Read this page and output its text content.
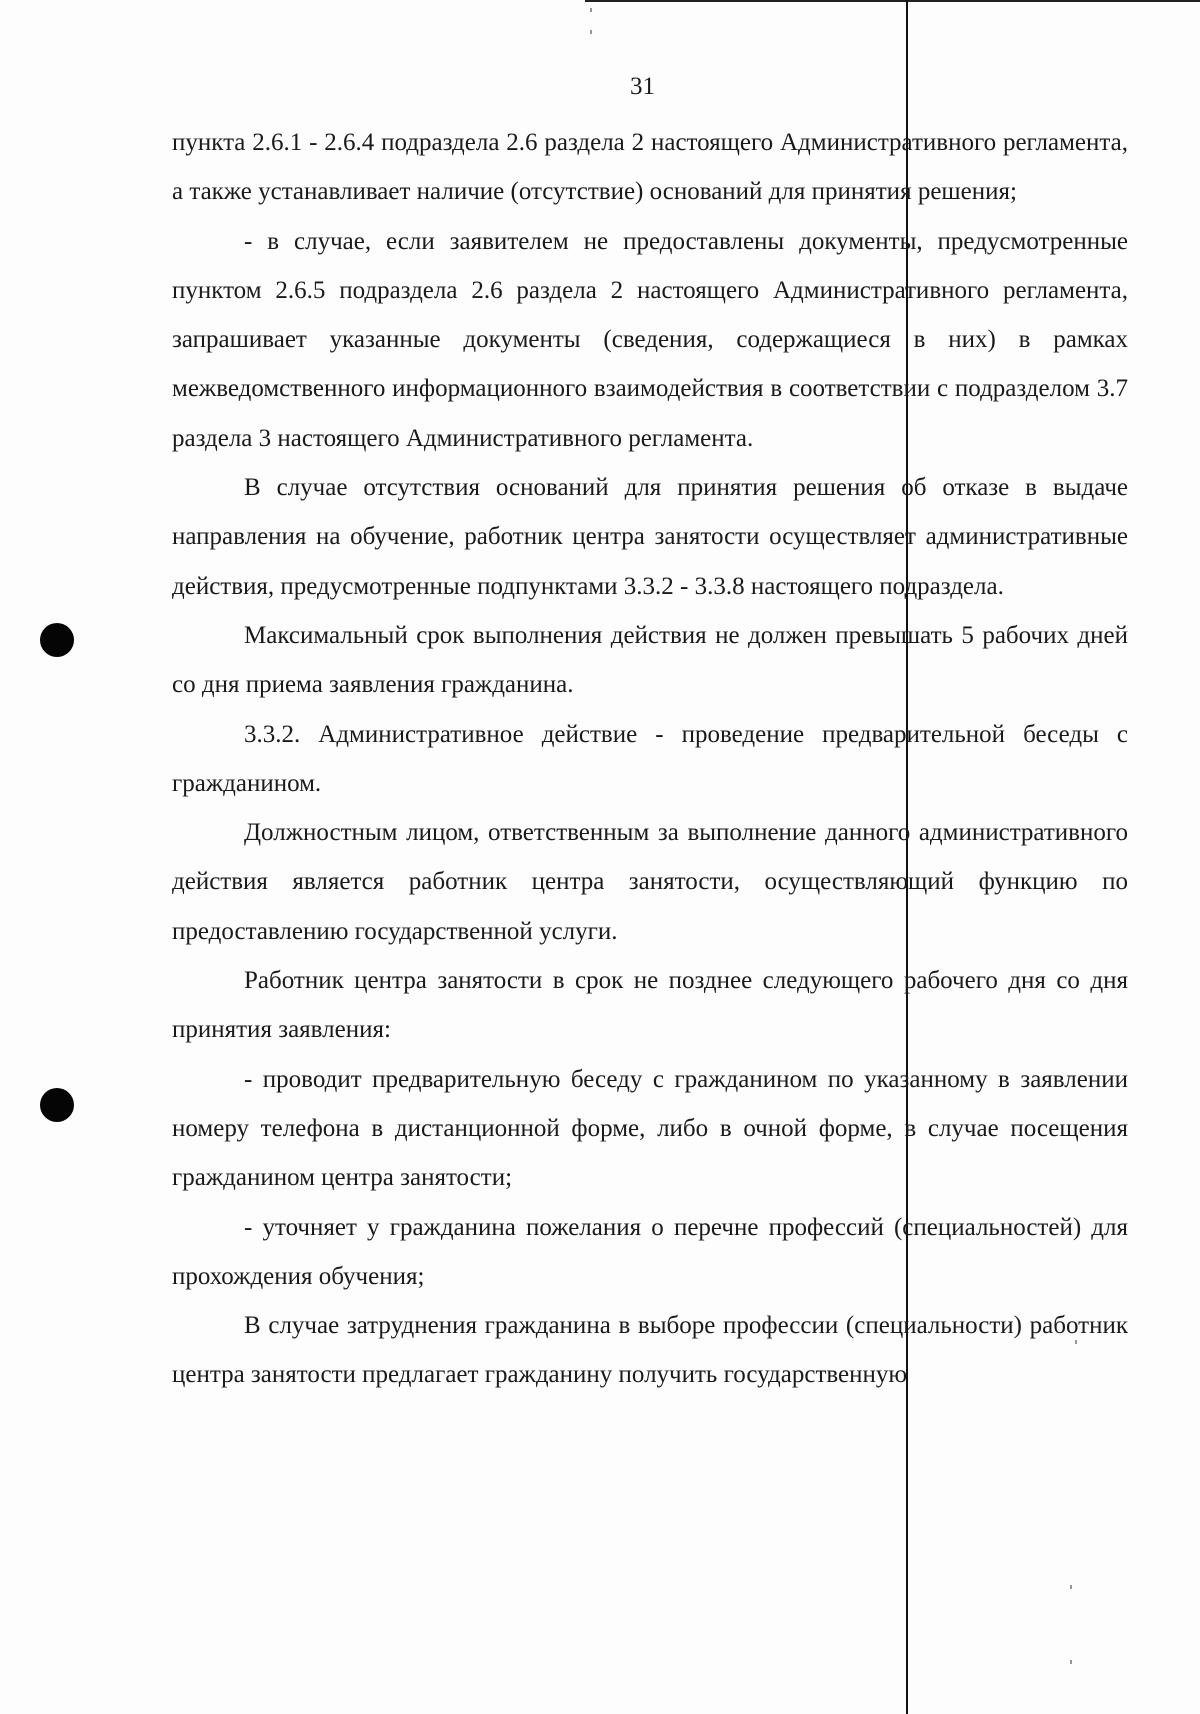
31

пункта 2.6.1 - 2.6.4 подраздела 2.6 раздела 2 настоящего Административного регламента, а также устанавливает наличие (отсутствие) оснований для принятия решения;

- в случае, если заявителем не предоставлены документы, предусмотренные пунктом 2.6.5 подраздела 2.6 раздела 2 настоящего Административного регламента, запрашивает указанные документы (сведения, содержащиеся в них) в рамках межведомственного информационного взаимодействия в соответствии с подразделом 3.7 раздела 3 настоящего Административного регламента.

В случае отсутствия оснований для принятия решения об отказе в выдаче направления на обучение, работник центра занятости осуществляет административные действия, предусмотренные подпунктами 3.3.2 - 3.3.8 настоящего подраздела.

Максимальный срок выполнения действия не должен превышать 5 рабочих дней со дня приема заявления гражданина.

3.3.2. Административное действие - проведение предварительной беседы с гражданином.

Должностным лицом, ответственным за выполнение данного административного действия является работник центра занятости, осуществляющий функцию по предоставлению государственной услуги.

Работник центра занятости в срок не позднее следующего рабочего дня со дня принятия заявления:

- проводит предварительную беседу с гражданином по указанному в заявлении номеру телефона в дистанционной форме, либо в очной форме, в случае посещения гражданином центра занятости;

- уточняет у гражданина пожелания о перечне профессий (специальностей) для прохождения обучения;

В случае затруднения гражданина в выборе профессии (специальности) работник центра занятости предлагает гражданину получить государственную
